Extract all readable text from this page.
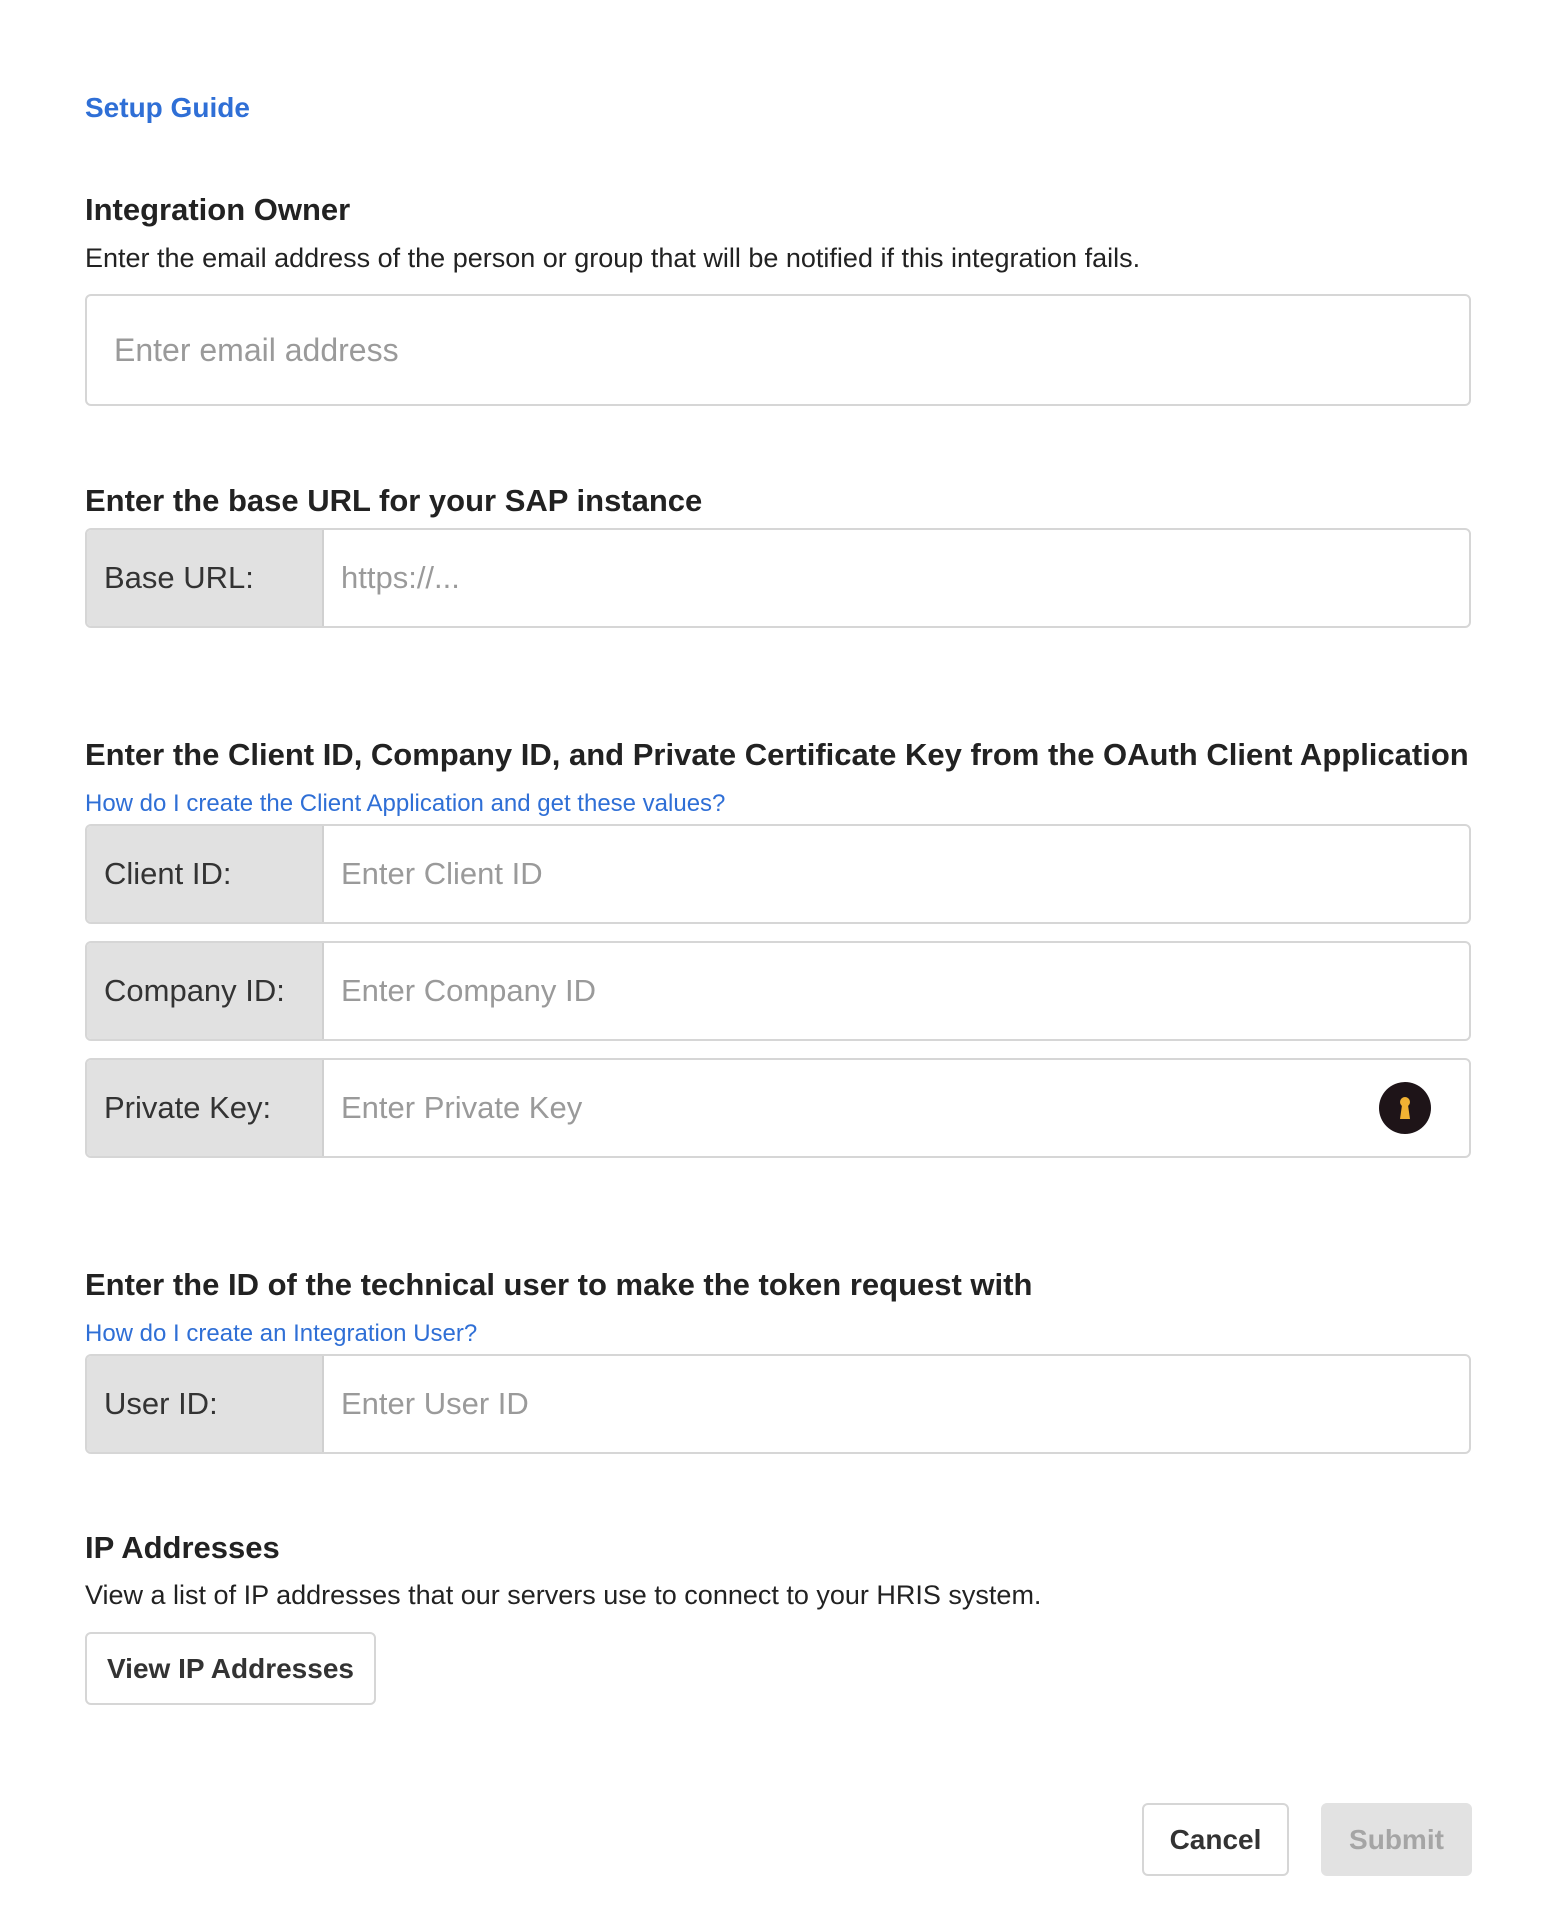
Setup Guide
Integration Owner
Enter the email address of the person or group that will be notified if this integration fails.
Enter email address
Enter the base URL for your SAP instance
Base URL:	https://...
Enter the Client ID, Company ID, and Private Certificate Key from the OAuth Client Application
How do I create the Client Application and get these values?
Client ID:	Enter Client ID
Company ID:	Enter Company ID
Private Key:	Enter Private Key
Enter the ID of the technical user to make the token request with
How do I create an Integration User?
User ID:	Enter User ID
IP Addresses
View a list of IP addresses that our servers use to connect to your HRIS system.
View IP Addresses
Cancel	Submit
